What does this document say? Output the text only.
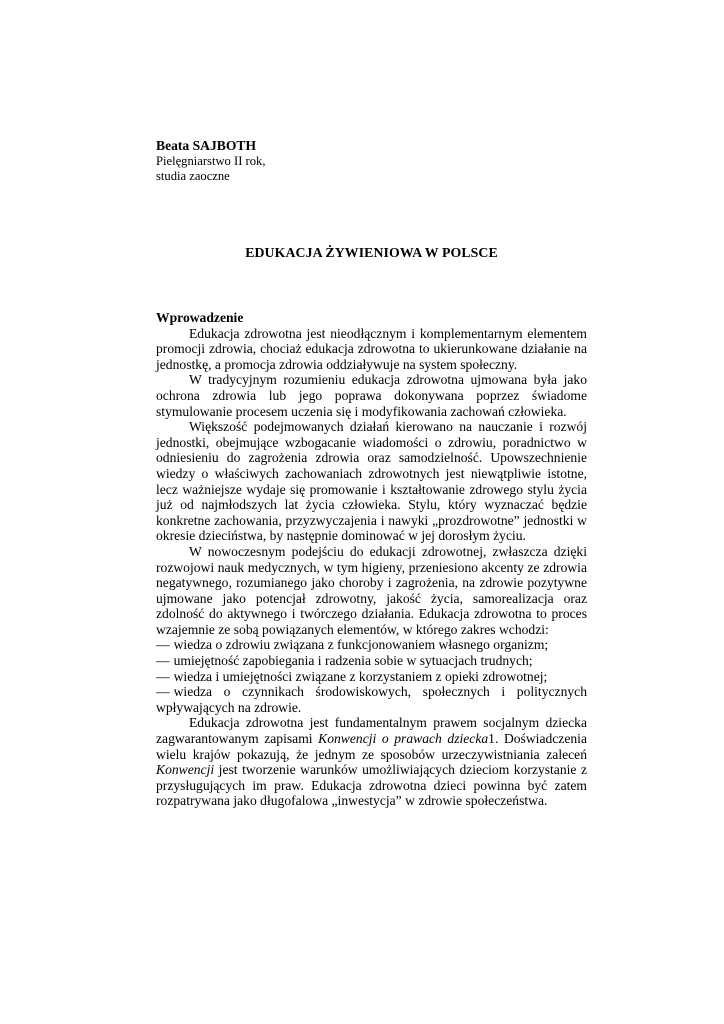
Beata SAJBOTH

Pielęgniarstwo II rok,

studia zaoczne

EDUKACJA ŻYWIENIOWA W POLSCE

Wprowadzenie

Edukacja zdrowotna jest nieodłącznym i komplementarnym elementem promocji zdrowia, chociaż edukacja zdrowotna to ukierunkowane działanie na jednostkę, a promocja zdrowia oddziaływuje na system społeczny.

W tradycyjnym rozumieniu edukacja zdrowotna ujmowana była jako ochrona zdrowia lub jego poprawa dokonywana poprzez świadome stymulowanie procesem uczenia się i modyfikowania zachowań człowieka.

Większość podejmowanych działań kierowano na nauczanie i rozwój jednostki, obejmujące wzbogacanie wiadomości o zdrowiu, poradnictwo w odniesieniu do zagrożenia zdrowia oraz samodzielność. Upowszechnienie wiedzy o właściwych zachowaniach zdrowotnych jest niewątpliwie istotne, lecz ważniejsze wydaje się promowanie i kształtowanie zdrowego stylu życia już od najmłodszych lat życia człowieka. Stylu, który wyznaczać będzie konkretne zachowania, przyzwyczajenia i nawyki „prozdrowotne” jednostki w okresie dzieciństwa, by następnie dominować w jej dorosłym życiu.

W nowoczesnym podejściu do edukacji zdrowotnej, zwłaszcza dzięki rozwojowi nauk medycznych, w tym higieny, przeniesiono akcenty ze zdrowia negatywnego, rozumianego jako choroby i zagrożenia, na zdrowie pozytywne ujmowane jako potencjał zdrowotny, jakość życia, samorealizacja oraz zdolność do aktywnego i twórczego działania. Edukacja zdrowotna to proces wzajemnie ze sobą powiązanych elementów, w którego zakres wchodzi:

— wiedza o zdrowiu związana z funkcjonowaniem własnego organizm;
— umiejętność zapobiegania i radzenia sobie w sytuacjach trudnych;
— wiedza i umiejętności związane z korzystaniem z opieki zdrowotnej;
— wiedza o czynnikach środowiskowych, społecznych i politycznych wpływających na zdrowie.

Edukacja zdrowotna jest fundamentalnym prawem socjalnym dziecka zagwarantowanym zapisami Konwencji o prawach dziecka1. Doświadczenia wielu krajów pokazują, że jednym ze sposobów urzeczywistniania zaleceń Konwencji jest tworzenie warunków umożliwiających dzieciom korzystanie z przysługujących im praw. Edukacja zdrowotna dzieci powinna być zatem rozpatrywana jako długofalowa „inwestycja” w zdrowie społeczeństwa.
